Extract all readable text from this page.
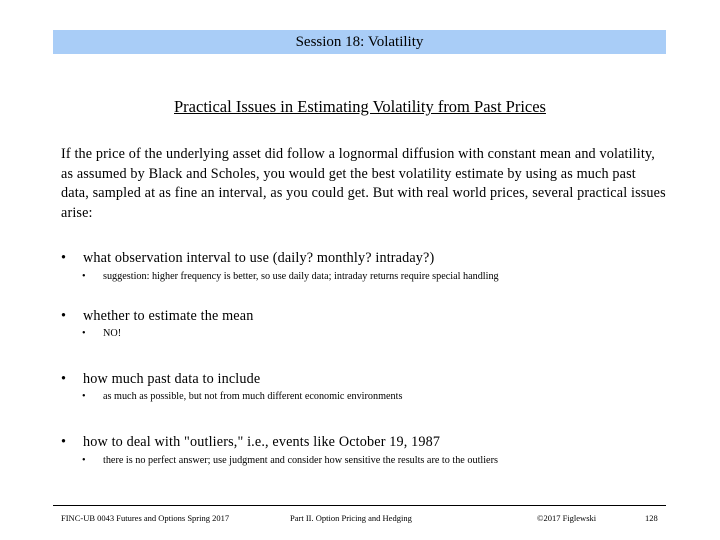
Session 18: Volatility
Practical Issues in Estimating Volatility from Past Prices
If the price of the underlying asset did follow a lognormal diffusion with constant mean and volatility, as assumed by Black and Scholes, you would get the best volatility estimate by using as much past data, sampled at as fine an interval, as you could get. But with real world prices, several practical issues arise:
• what observation interval to use (daily? monthly? intraday?)
• suggestion: higher frequency is better, so use daily data; intraday returns require special handling
• whether to estimate the mean
• NO!
• how much past data to include
• as much as possible, but not from much different economic environments
• how to deal with "outliers," i.e., events like October 19, 1987
• there is no perfect answer; use judgment and consider how sensitive the results are to the outliers
FINC-UB 0043 Futures and Options Spring 2017	Part II. Option Pricing and Hedging	©2017 Figlewski	128
